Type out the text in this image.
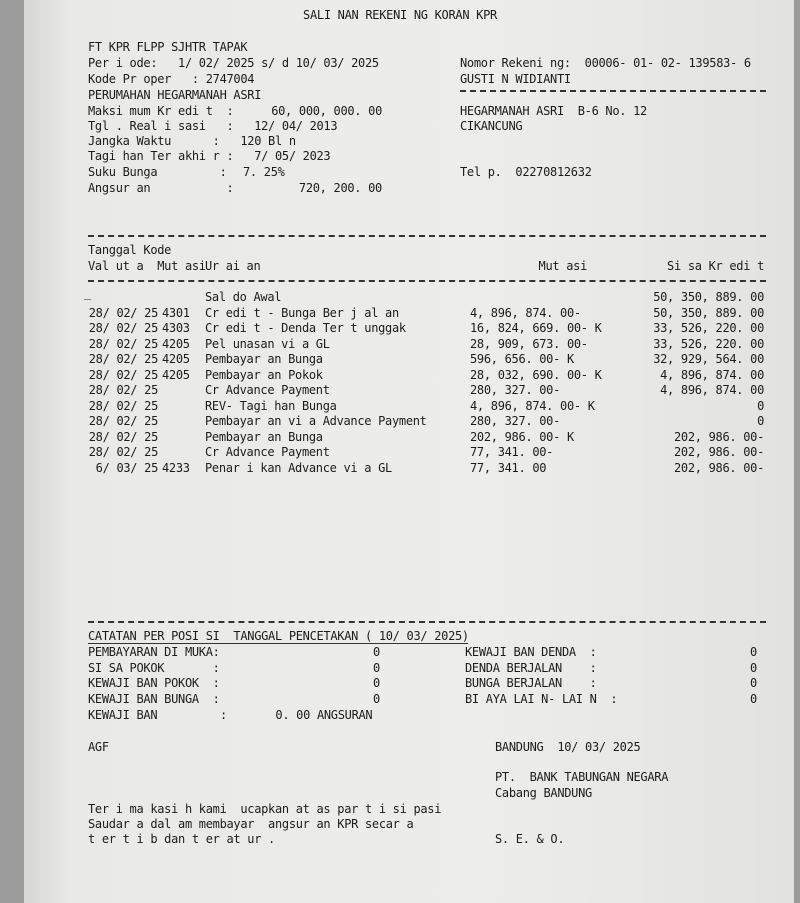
SALI NAN REKENI NG KORAN KPR
FT KPR FLPP SJHTR TAPAK
Per i ode:   1/ 02/ 2025 s/ d 10/ 03/ 2025
Kode Pr oper   : 2747004
PERUMAHAN HEGARMANAH ASRI
Maksi mum Kr edi t  :	60, 000, 000. 00
Tgl . Real i sasi   :   12/ 04/ 2013
Jangka Waktu      :   120 Bl n
Tagi han Ter akhi r :   7/ 05/ 2023
Suku Bunga         : 7. 25%
Angsur an           :	720, 200. 00
Nomor Rekeni ng:  00006- 01- 02- 139583- 6
GUSTI N WIDIANTI
HEGARMANAH ASRI  B-6 No. 12
CIKANCUNG
Tel p.  02270812632
Tanggal Kode
Val ut a  Mut asi Ur ai an	Mut asi	Si sa Kr edi t
_	Sal do Awal	50, 350, 889. 00
28/ 02/ 25 4301	Cr edi t - Bunga Ber j al an	4, 896, 874. 00-	50, 350, 889. 00
28/ 02/ 25 4303	Cr edi t - Denda Ter t unggak	16, 824, 669. 00- K	33, 526, 220. 00
28/ 02/ 25 4205	Pel unasan vi a GL	28, 909, 673. 00-	33, 526, 220. 00
28/ 02/ 25 4205	Pembayar an Bunga	596, 656. 00- K	32, 929, 564. 00
28/ 02/ 25 4205	Pembayar an Pokok	28, 032, 690. 00- K	4, 896, 874. 00
28/ 02/ 25	Cr Advance Payment	280, 327. 00-	4, 896, 874. 00
28/ 02/ 25	REV- Tagi han Bunga	4, 896, 874. 00- K	0
28/ 02/ 25	Pembayar an vi a Advance Payment	280, 327. 00-	0
28/ 02/ 25	Pembayar an Bunga	202, 986. 00- K	202, 986. 00-
28/ 02/ 25	Cr Advance Payment	77, 341. 00-	202, 986. 00-
6/ 03/ 25 4233	Penar i kan Advance vi a GL	77, 341. 00	202, 986. 00-
CATATAN PER POSI SI  TANGGAL PENCETAKAN ( 10/ 03/ 2025)
PEMBAYARAN DI MUKA:	0
SI SA POKOK       :	0
KEWAJI BAN POKOK  :	0
KEWAJI BAN BUNGA  :	0
KEWAJI BAN DENDA  :	0
DENDA BERJALAN    :	0
BUNGA BERJALAN    :	0
BI AYA LAI N- LAI N  :	0
KEWAJI BAN	:       0. 00 ANGSURAN
AGF	BANDUNG  10/ 03/ 2025
PT.  BANK TABUNGAN NEGARA
Cabang BANDUNG
Ter i ma kasi h kami  ucapkan at as par t i si pasi
Saudar a dal am membayar  angsur an KPR secar a
t er t i b dan t er at ur .	S. E. & O.
